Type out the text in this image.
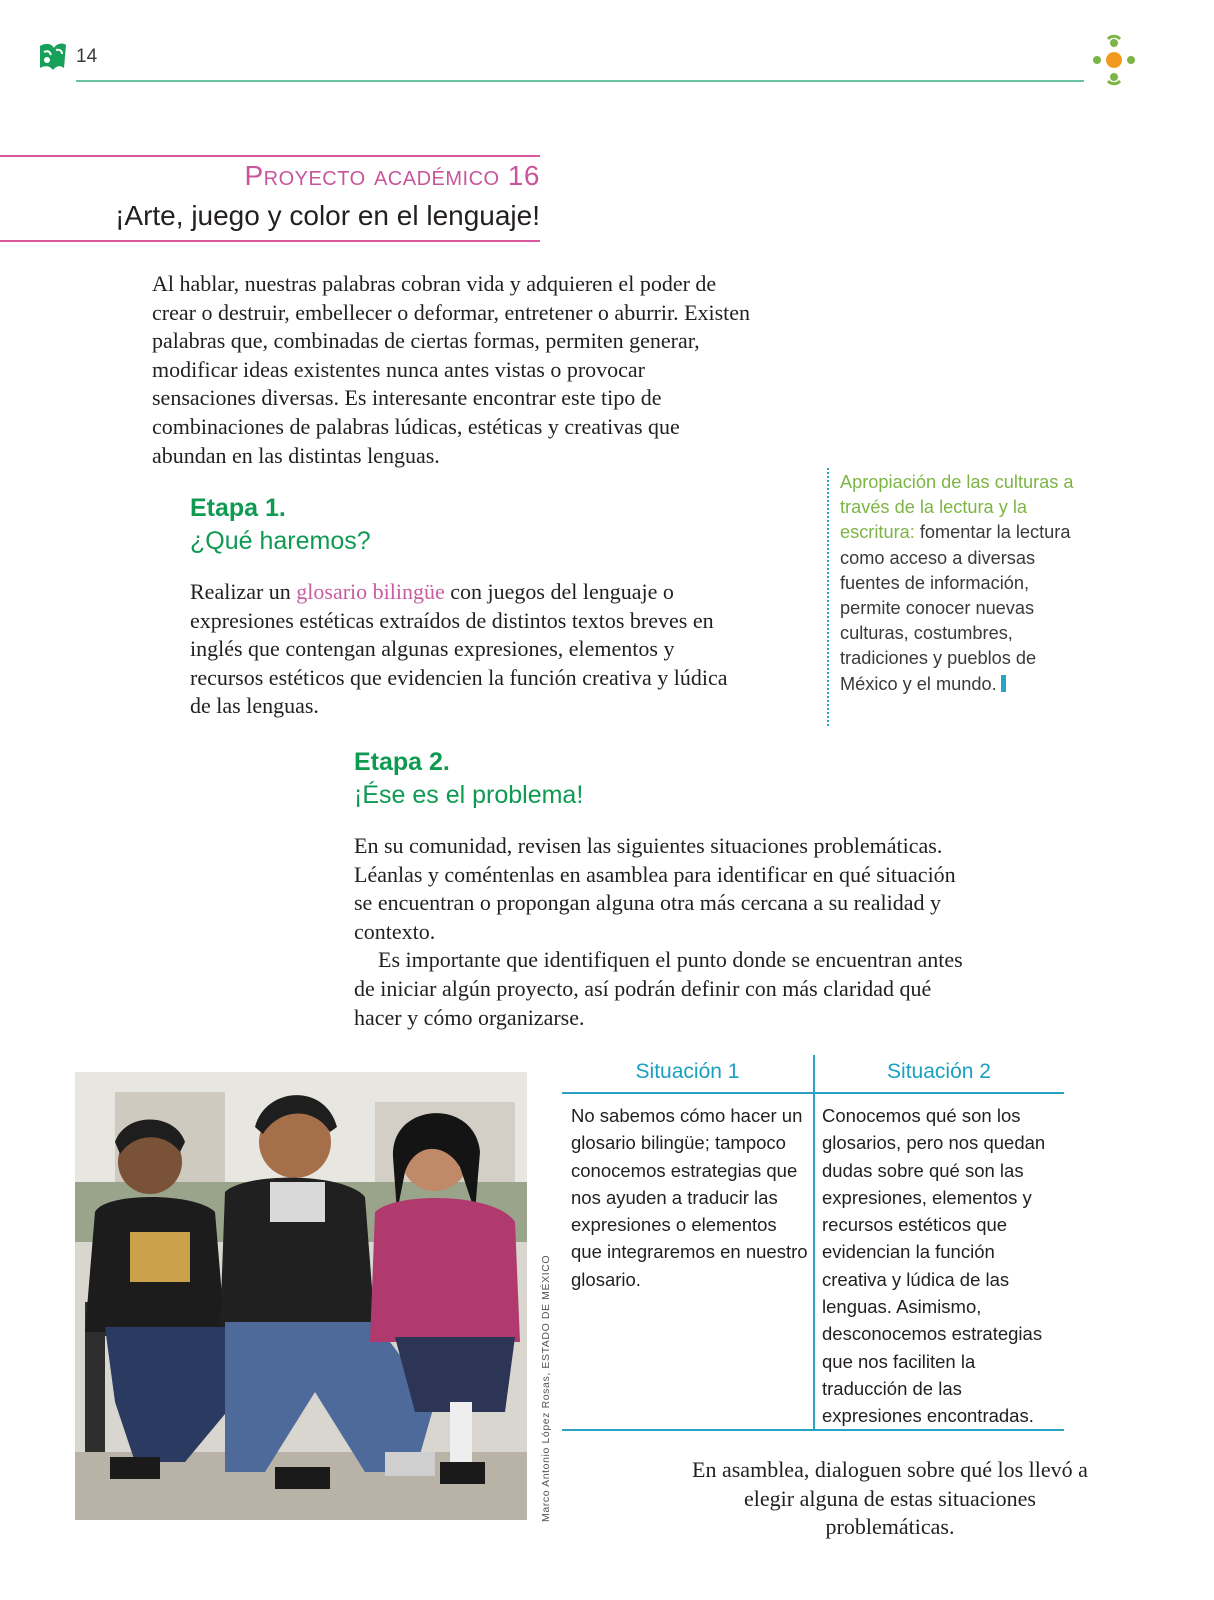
14
Proyecto académico 16
¡Arte, juego y color en el lenguaje!
Al hablar, nuestras palabras cobran vida y adquieren el poder de crear o destruir, embellecer o deformar, entretener o aburrir. Existen palabras que, combinadas de ciertas formas, permiten generar, modificar ideas existentes nunca antes vistas o provocar sensaciones diversas. Es interesante encontrar este tipo de combinaciones de palabras lúdicas, estéticas y creativas que abundan en las distintas lenguas.
Etapa 1.
¿Qué haremos?
Realizar un glosario bilingüe con juegos del lenguaje o expresiones estéticas extraídos de distintos textos breves en inglés que contengan algunas expresiones, elementos y recursos estéticos que evidencien la función creativa y lúdica de las lenguas.
Apropiación de las culturas a través de la lectura y la escritura: fomentar la lectura como acceso a diversas fuentes de información, permite conocer nuevas culturas, costumbres, tradiciones y pueblos de México y el mundo.
Etapa 2.
¡Ése es el problema!
En su comunidad, revisen las siguientes situaciones problemáticas. Léanlas y coméntenlas en asamblea para identificar en qué situación se encuentran o propongan alguna otra más cercana a su realidad y contexto.
Es importante que identifiquen el punto donde se encuentran antes de iniciar algún proyecto, así podrán definir con más claridad qué hacer y cómo organizarse.
Marco Antonio López Rosas, ESTADO DE MÉXICO
Situación 1	Situación 2
No sabemos cómo hacer un glosario bilingüe; tampoco conocemos estrategias que nos ayuden a traducir las expresiones o elementos que integraremos en nuestro glosario.
Conocemos qué son los glosarios, pero nos quedan dudas sobre qué son las expresiones, elementos y recursos estéticos que evidencian la función creativa y lúdica de las lenguas. Asimismo, desconocemos estrategias que nos faciliten la traducción de las expresiones encontradas.
En asamblea, dialoguen sobre qué los llevó a elegir alguna de estas situaciones problemáticas.
